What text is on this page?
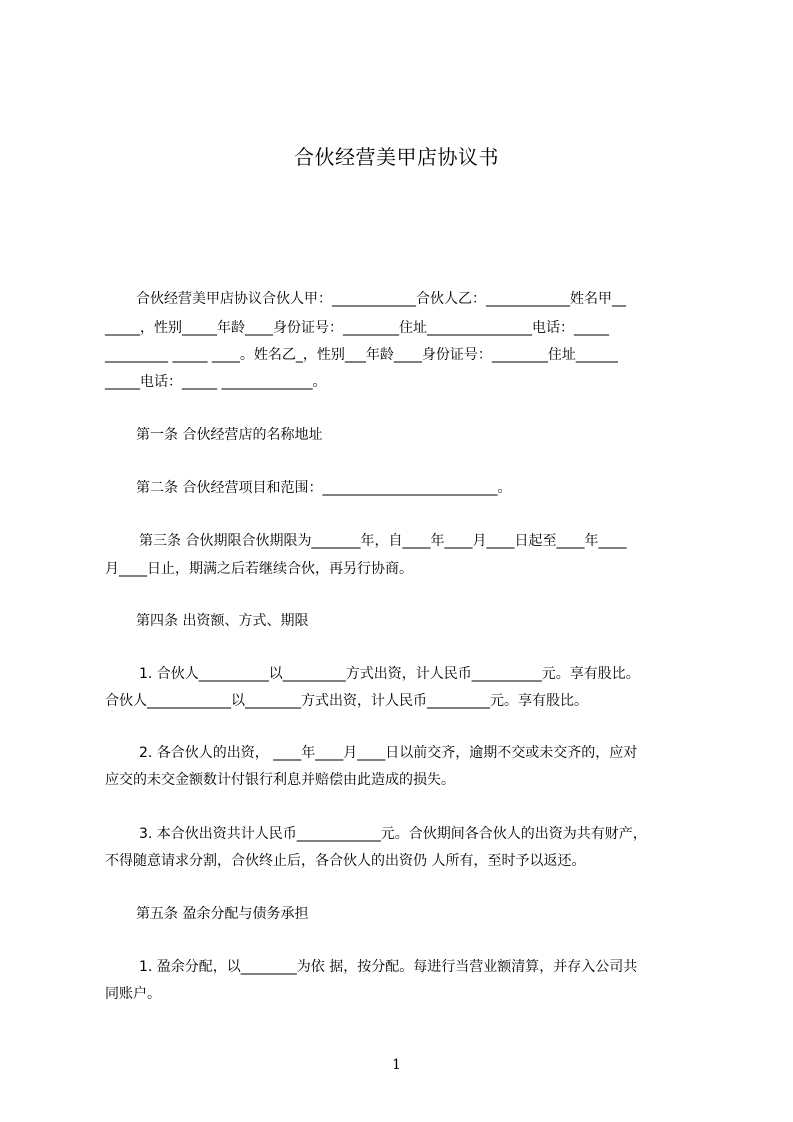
合伙经营美甲店协议书
合伙经营美甲店协议合伙人甲：____________合伙人乙：____________姓名甲__
_____，性别_____年龄____身份证号：________住址_______________电话：_____
_________ _____ ____。姓名乙_，性别___年龄____身份证号：________住址______
_____电话：_____ _____________。
第一条 合伙经营店的名称地址
第二条 合伙经营项目和范围：_________________________。
第三条 合伙期限合伙期限为_______年，自____年____月____日起至____年____
月____日止，期满之后若继续合伙，再另行协商。
第四条 出资额、方式、期限
1. 合伙人__________以_________方式出资，计人民币__________元。享有股比。
合伙人____________以________方式出资，计人民币_________元。享有股比。
2. 各合伙人的出资， ____年____月____日以前交齐，逾期不交或未交齐的，应对
应交的未交金额数计付银行利息并赔偿由此造成的损失。
3. 本合伙出资共计人民币____________元。合伙期间各合伙人的出资为共有财产，
不得随意请求分割，合伙终止后，各合伙人的出资仍 人所有，至时予以返还。
第五条 盈余分配与债务承担
1. 盈余分配，以________为依 据，按分配。每进行当营业额清算，并存入公司共
同账户。
1
